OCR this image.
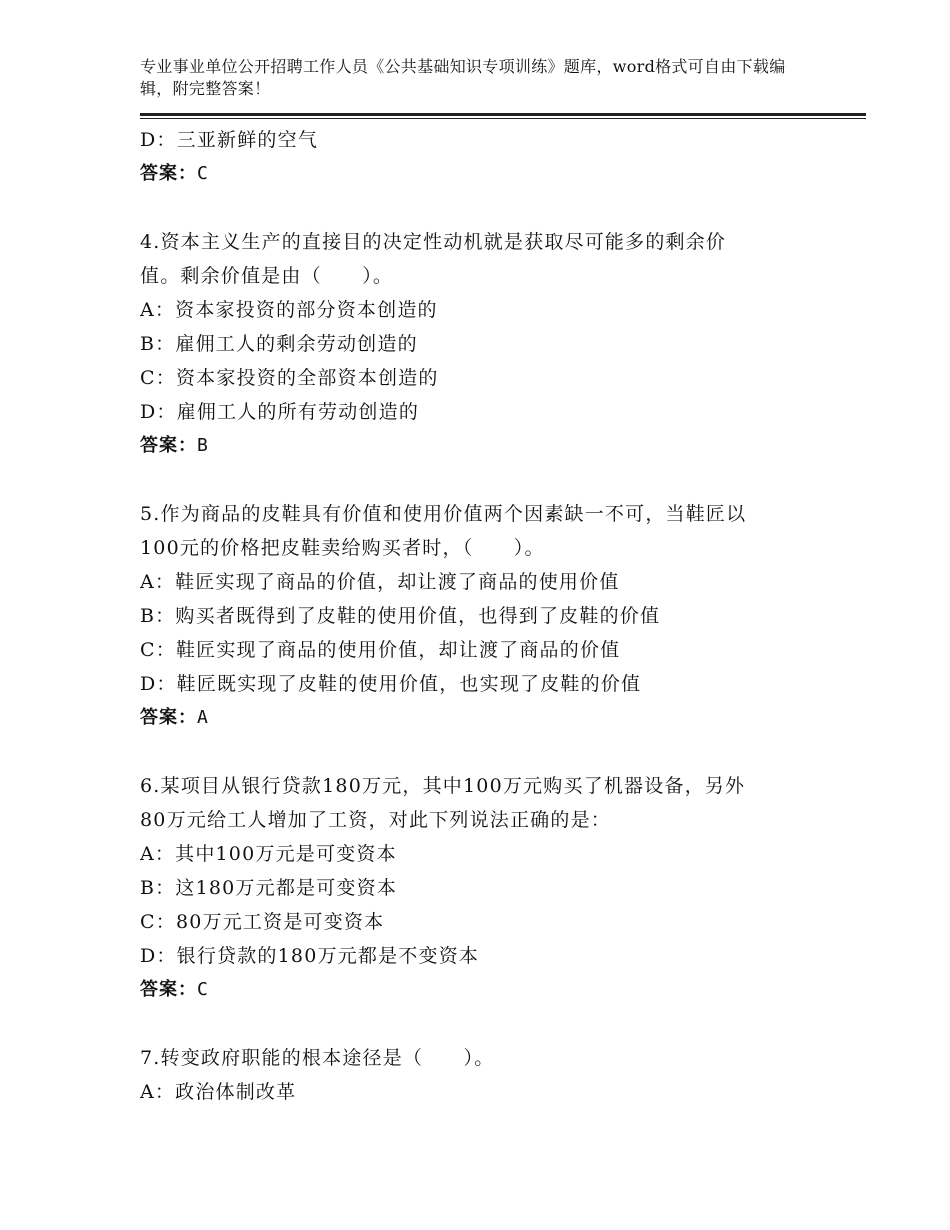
专业事业单位公开招聘工作人员《公共基础知识专项训练》题库，word格式可自由下载编辑，附完整答案！
D：三亚新鲜的空气
答案：C
4.资本主义生产的直接目的决定性动机就是获取尽可能多的剩余价
值。剩余价值是由（　　）。
A：资本家投资的部分资本创造的
B：雇佣工人的剩余劳动创造的
C：资本家投资的全部资本创造的
D：雇佣工人的所有劳动创造的
答案：B
5.作为商品的皮鞋具有价值和使用价值两个因素缺一不可，当鞋匠以
100元的价格把皮鞋卖给购买者时，（　　）。
A：鞋匠实现了商品的价值，却让渡了商品的使用价值
B：购买者既得到了皮鞋的使用价值，也得到了皮鞋的价值
C：鞋匠实现了商品的使用价值，却让渡了商品的价值
D：鞋匠既实现了皮鞋的使用价值，也实现了皮鞋的价值
答案：A
6.某项目从银行贷款180万元，其中100万元购买了机器设备，另外
80万元给工人增加了工资，对此下列说法正确的是：
A：其中100万元是可变资本
B：这180万元都是可变资本
C：80万元工资是可变资本
D：银行贷款的180万元都是不变资本
答案：C
7.转变政府职能的根本途径是（　　）。
A：政治体制改革
